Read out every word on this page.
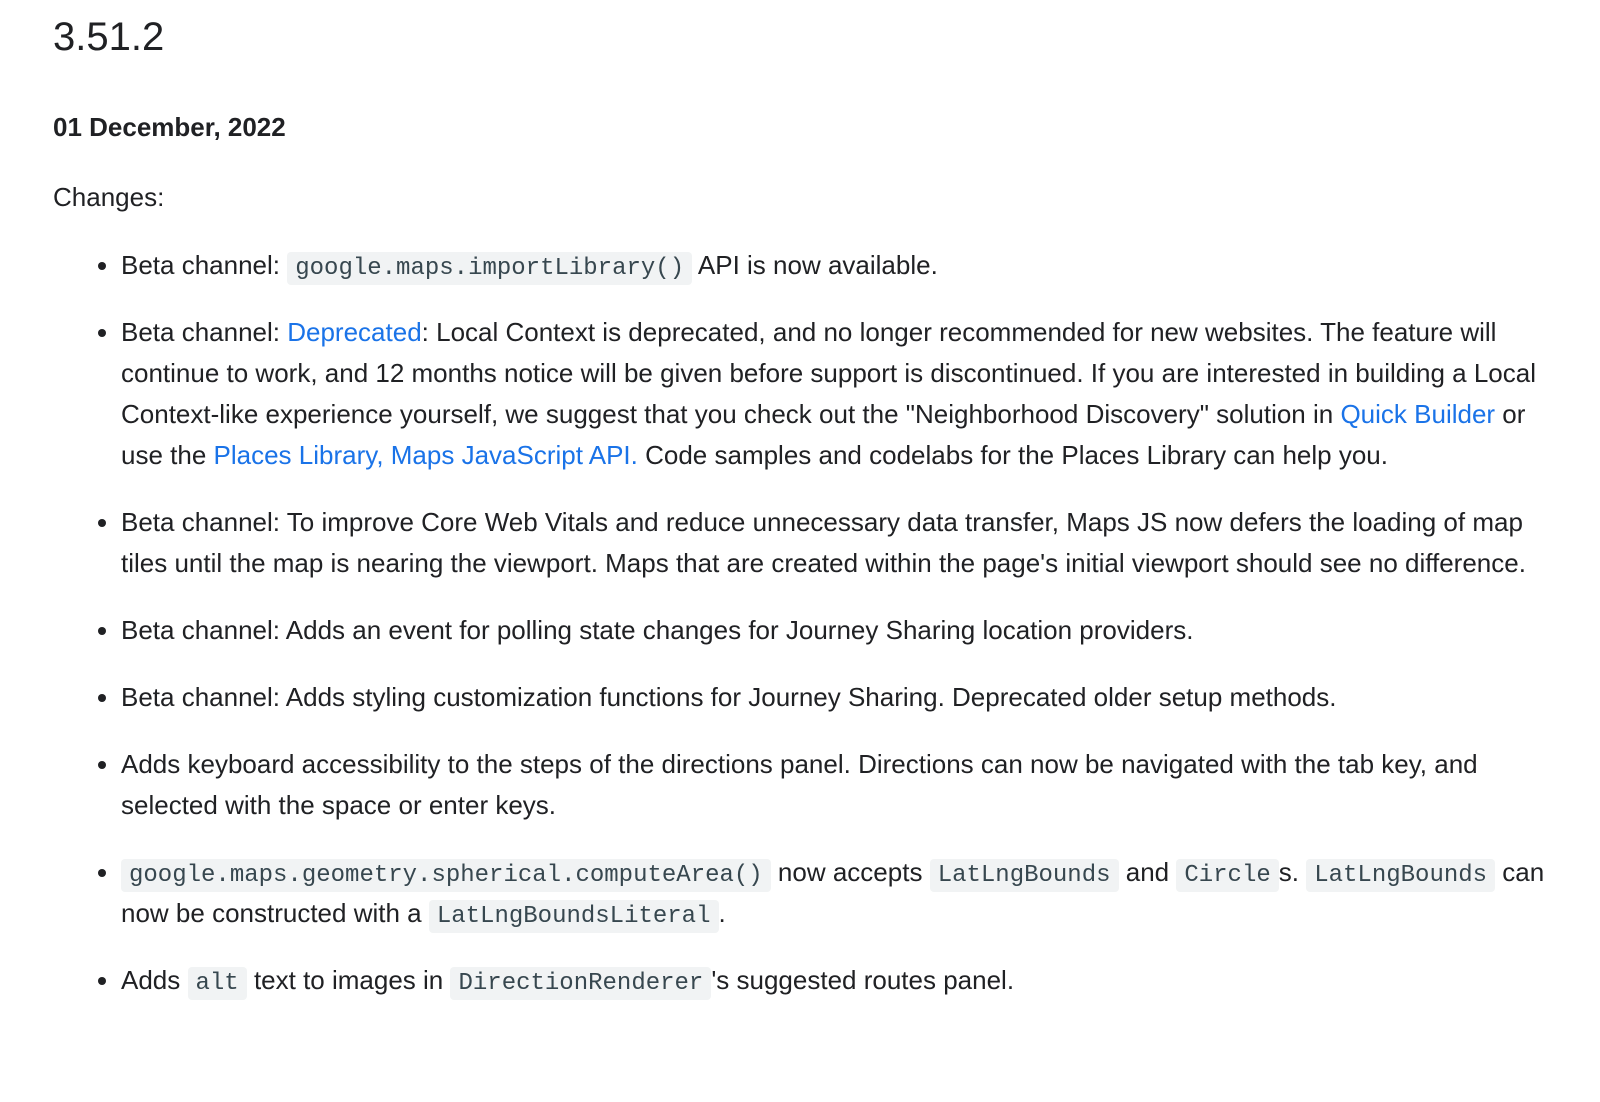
3.51.2
01 December, 2022

Changes:

• Beta channel: google.maps.importLibrary() API is now available.
• Beta channel: Deprecated: Local Context is deprecated, and no longer recommended for new websites. The feature will continue to work, and 12 months notice will be given before support is discontinued. If you are interested in building a Local Context-like experience yourself, we suggest that you check out the "Neighborhood Discovery" solution in Quick Builder or use the Places Library, Maps JavaScript API. Code samples and codelabs for the Places Library can help you.
• Beta channel: To improve Core Web Vitals and reduce unnecessary data transfer, Maps JS now defers the loading of map tiles until the map is nearing the viewport. Maps that are created within the page's initial viewport should see no difference.
• Beta channel: Adds an event for polling state changes for Journey Sharing location providers.
• Beta channel: Adds styling customization functions for Journey Sharing. Deprecated older setup methods.
• Adds keyboard accessibility to the steps of the directions panel. Directions can now be navigated with the tab key, and selected with the space or enter keys.
• google.maps.geometry.spherical.computeArea() now accepts LatLngBounds and Circle s. LatLngBounds can now be constructed with a LatLngBoundsLiteral .
• Adds alt text to images in DirectionRenderer 's suggested routes panel.
